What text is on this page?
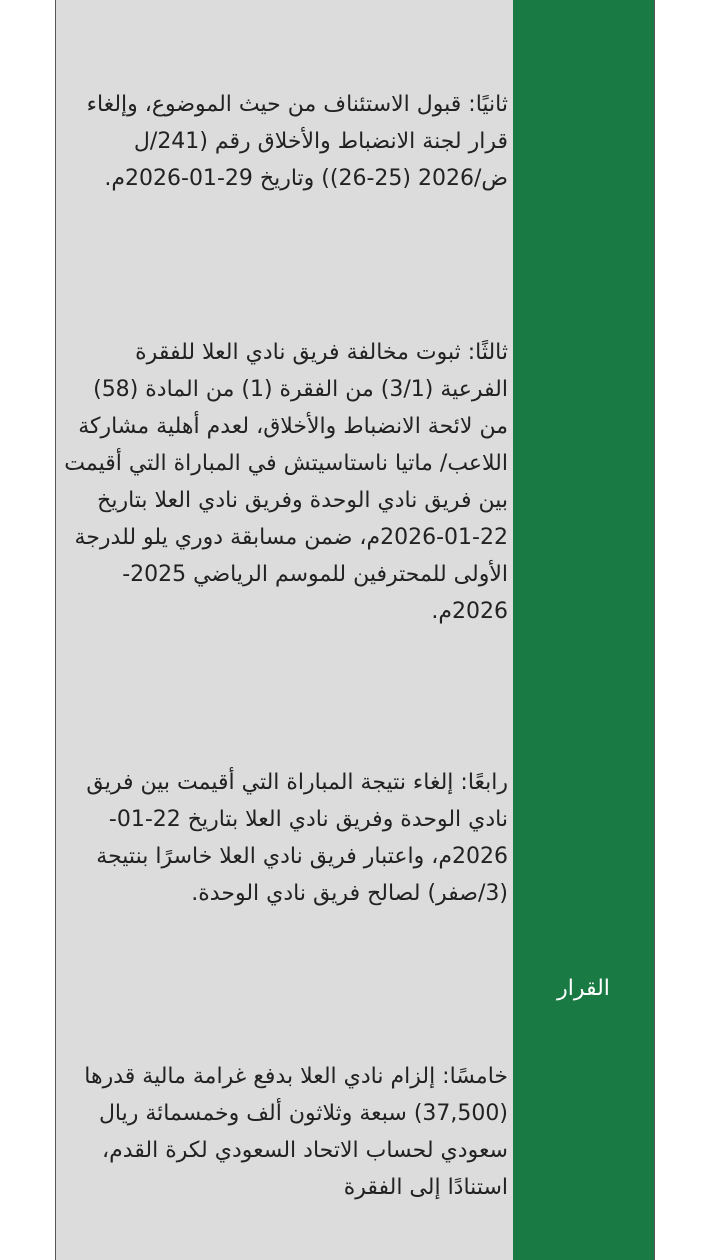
ثانيًا: قبول الاستئناف من حيث الموضوع، وإلغاء قرار لجنة الانضباط والأخلاق رقم (241/ل ض/2026 (25-26)) وتاريخ 29-01-2026م.

ثالثًا: ثبوت مخالفة فريق نادي العلا للفقرة الفرعية (3/1) من الفقرة (1) من المادة (58) من لائحة الانضباط والأخلاق، لعدم أهلية مشاركة اللاعب/ ماتيا ناستاسيتش في المباراة التي أقيمت بين فريق نادي الوحدة وفريق نادي العلا بتاريخ 22-01-2026م، ضمن مسابقة دوري يلو للدرجة الأولى للمحترفين للموسم الرياضي 2025-2026م.

رابعًا: إلغاء نتيجة المباراة التي أقيمت بين فريق نادي الوحدة وفريق نادي العلا بتاريخ 22-01-2026م، واعتبار فريق نادي العلا خاسرًا بنتيجة (3/صفر) لصالح فريق نادي الوحدة.

خامسًا: إلزام نادي العلا بدفع غرامة مالية قدرها (37,500) سبعة وثلاثون ألف وخمسمائة ريال سعودي لحساب الاتحاد السعودي لكرة القدم، استنادًا إلى الفقرة

القرار
